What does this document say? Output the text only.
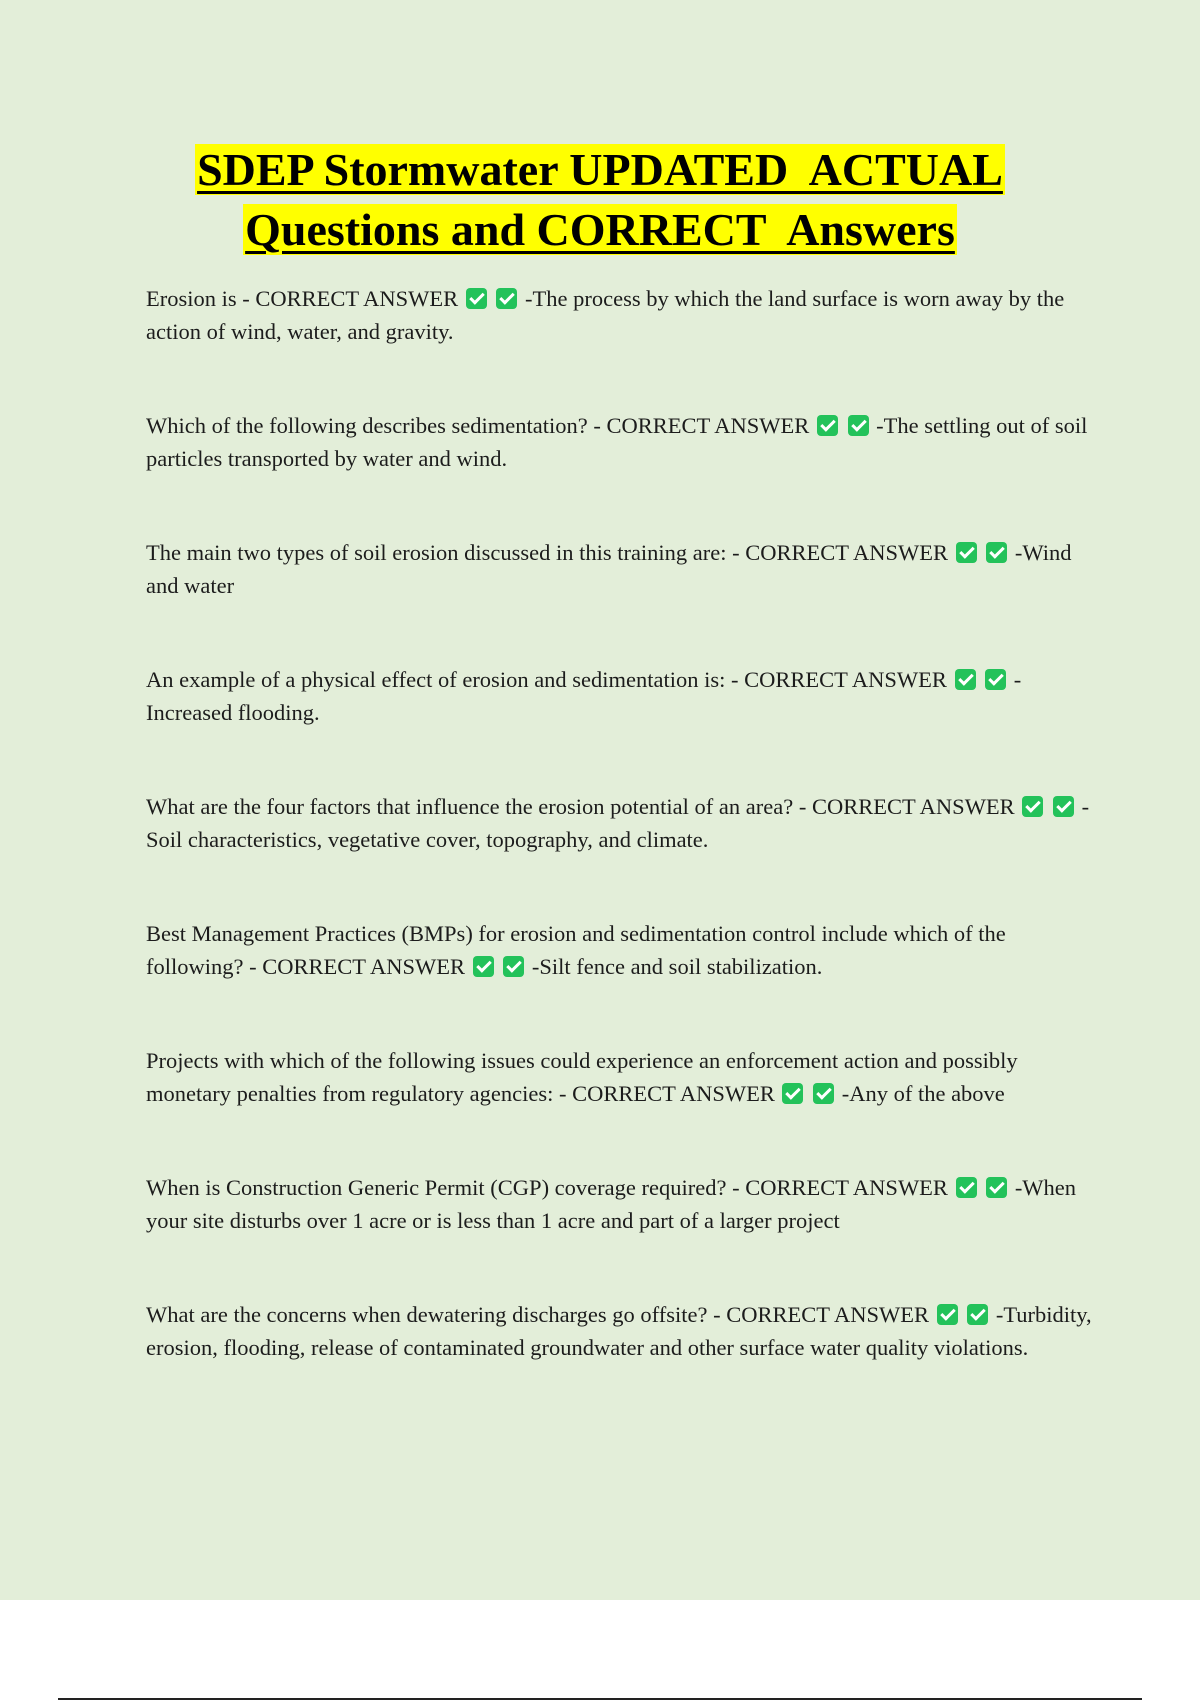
SDEP Stormwater UPDATED  ACTUAL
Questions and CORRECT  Answers

Erosion is - CORRECT ANSWER	-The process by which the land surface is worn away by the action of wind, water, and gravity.

Which of the following describes sedimentation? - CORRECT ANSWER	-The settling out of soil particles transported by water and wind.

The main two types of soil erosion discussed in this training are: - CORRECT ANSWER	-Wind and water

An example of a physical effect of erosion and sedimentation is: - CORRECT ANSWER	-Increased flooding.

What are the four factors that influence the erosion potential of an area? - CORRECT ANSWER	-Soil characteristics, vegetative cover, topography, and climate.

Best Management Practices (BMPs) for erosion and sedimentation control include which of the following? - CORRECT ANSWER	-Silt fence and soil stabilization.

Projects with which of the following issues could experience an enforcement action and possibly monetary penalties from regulatory agencies: - CORRECT ANSWER	-Any of the above

When is Construction Generic Permit (CGP) coverage required? - CORRECT ANSWER	-When your site disturbs over 1 acre or is less than 1 acre and part of a larger project

What are the concerns when dewatering discharges go offsite? - CORRECT ANSWER	-Turbidity, erosion, flooding, release of contaminated groundwater and other surface water quality violations.
